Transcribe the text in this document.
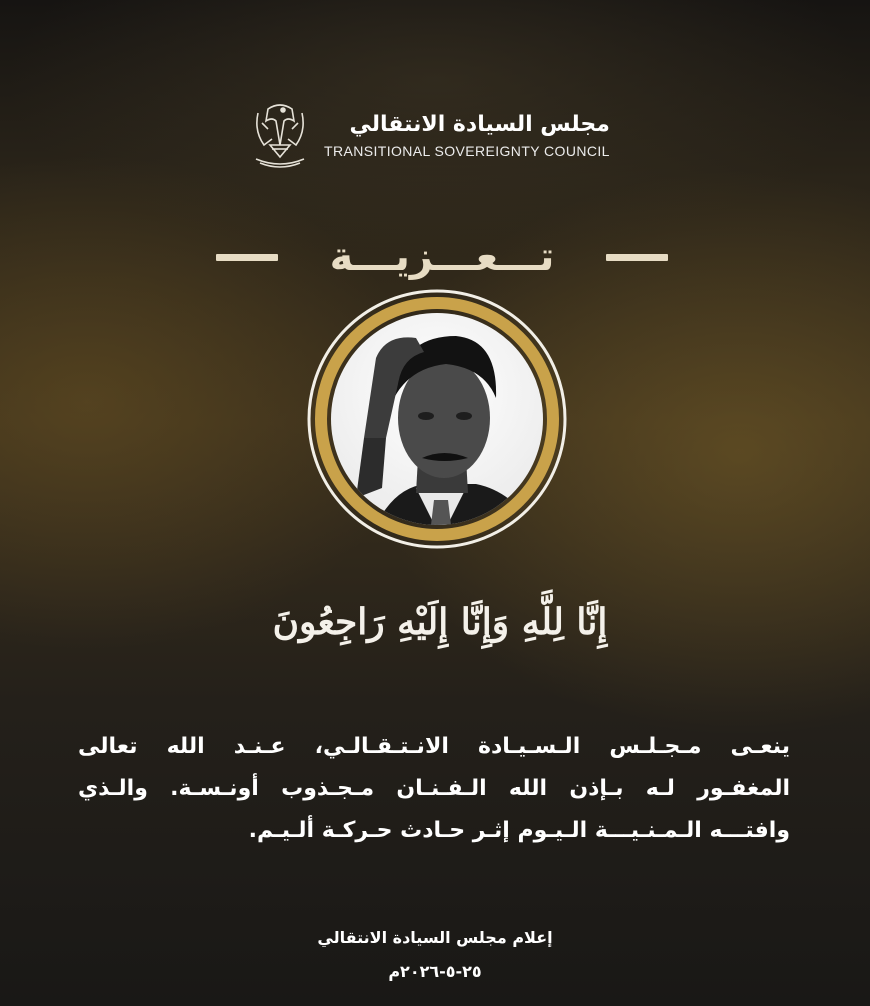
مجلس السيادة الانتقالي
TRANSITIONAL SOVEREIGNTY COUNCIL
تـــعـــزيـــة
إِنَّا لِلَّهِ وَإِنَّا إِلَيْهِ رَاجِعُونَ
ينعـى مـجـلـس الـسـيـادة الانـتـقـالـي، عـنـد الله تعالى
المغفـور لـه بـإذن الله الـفـنـان مـجـذوب أونـسـة. والـذي
وافتـــه الـمـنـيـــة الـيـوم إثـر حـادث حـركـة ألـيـم.
إعلام مجلس السيادة الانتقالي
٢٥-٥-٢٠٢٦م
